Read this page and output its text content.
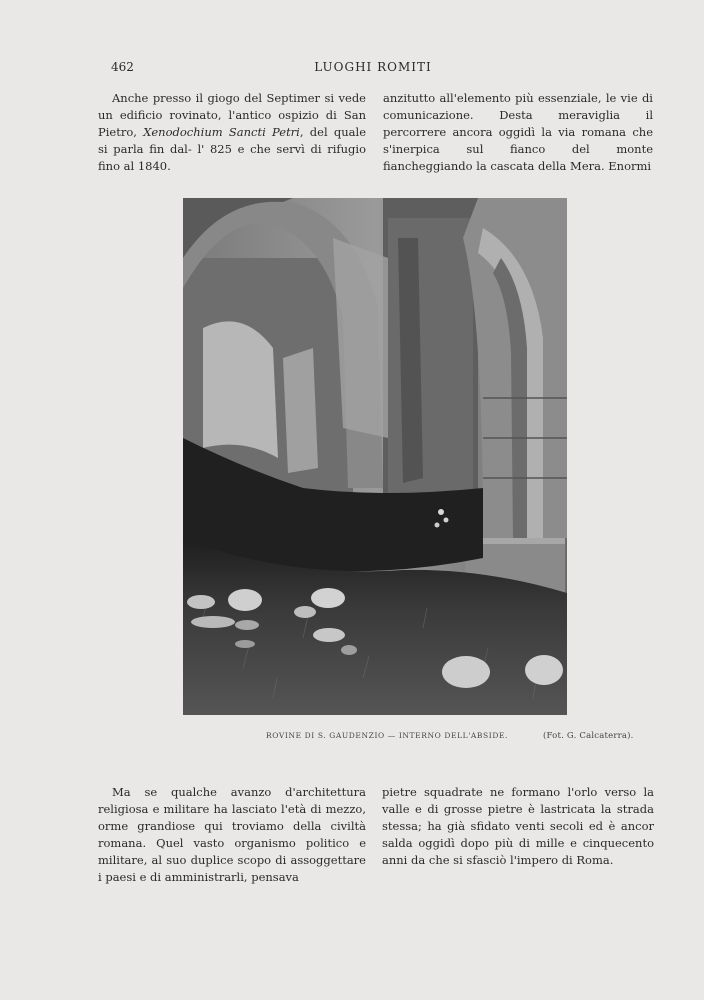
462	LUOGHI ROMITI

Anche presso il giogo del Septimer si vede un edificio rovinato, l'antico ospizio di San Pietro, Xenodochium Sancti Petri, del quale si parla fin dal- l' 825 e che servì di rifugio fino al 1840.

anzitutto all'elemento più essenziale, le vie di comunicazione. Desta meraviglia il percorrere ancora oggidì la via romana che s'inerpica sul fianco del monte fiancheggiando la cascata della Mera. Enormi

ROVINE DI S. GAUDENZIO — INTERNO DELL'ABSIDE.	(Fot. G. Calcaterra).

Ma se qualche avanzo d'architettura religiosa e militare ha lasciato l'età di mezzo, orme grandiose qui troviamo della civiltà romana. Quel vasto organismo politico e militare, al suo duplice scopo di assoggettare i paesi e di amministrarli, pensava

pietre squadrate ne formano l'orlo verso la valle e di grosse pietre è lastricata la strada stessa; ha già sfidato venti secoli ed è ancor salda oggidì dopo più di mille e cinquecento anni da che si sfasciò l'impero di Roma.
